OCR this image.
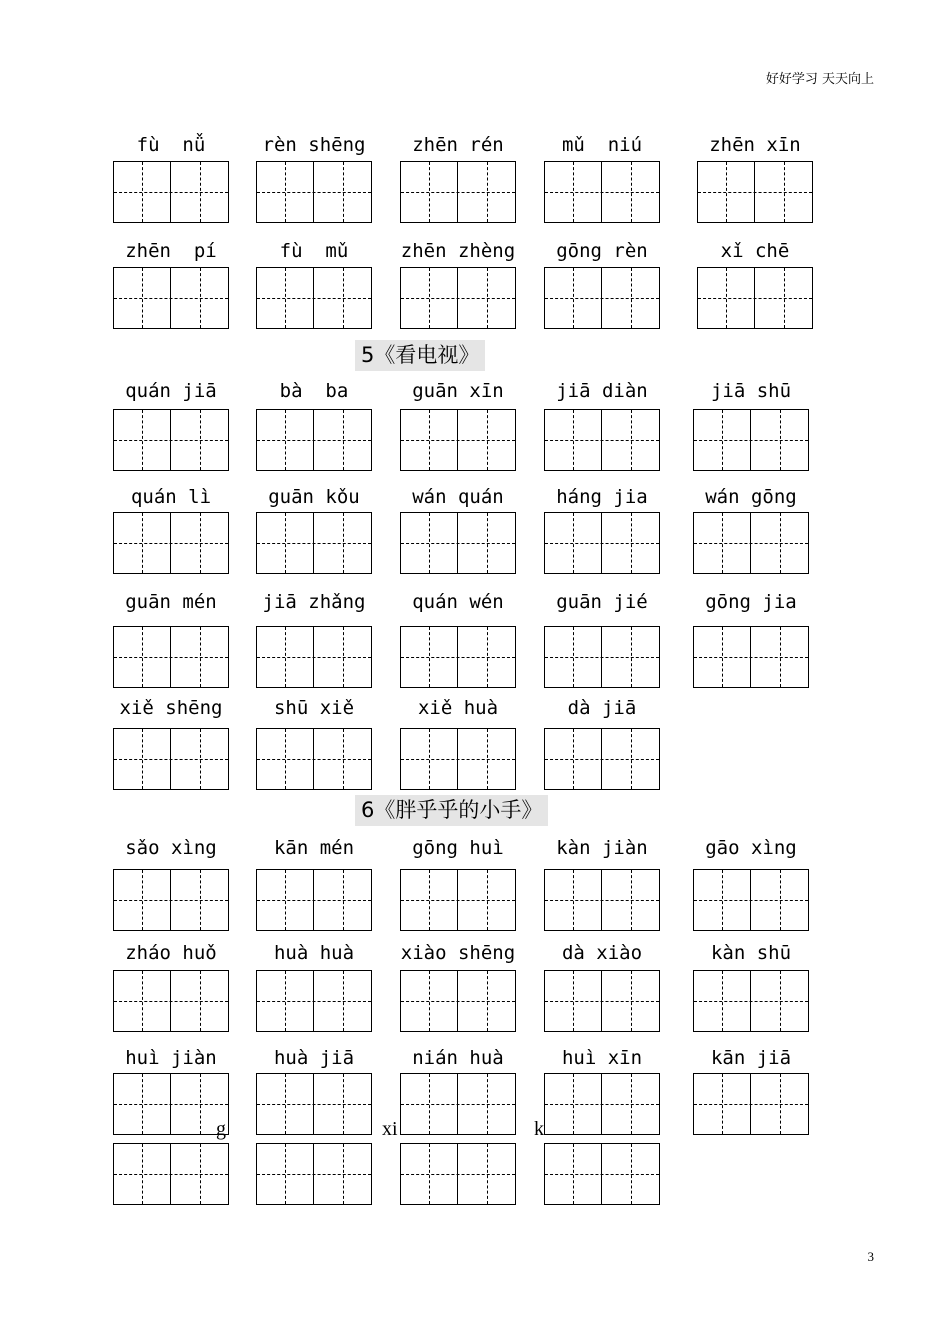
好好学习 天天向上
5《看电视》
6《胖乎乎的小手》
fù  nǚ	rèn shēng	zhēn rén	mǔ  niú	zhēn xīn
zhēn  pí	fù  mǔ	zhēn zhèng	gōng rèn	xǐ chē
quán jiā	bà  ba	guān xīn	jiā diàn	jiā shū
quán lì	guān kǒu	wán quán	háng jia	wán gōng
guān mén	jiā zhǎng	quán wén	guān jié	gōng jia
xiě shēng	shū xiě	xiě huà	dà jiā
sǎo xìng	kān mén	gōng huì	kàn jiàn	gāo xìng
zháo huǒ	huà huà	xiào shēng	dà xiào	kàn shū
huì jiàn	huà jiā	nián huà	huì xīn	kān jiā
g	xi	k
3
